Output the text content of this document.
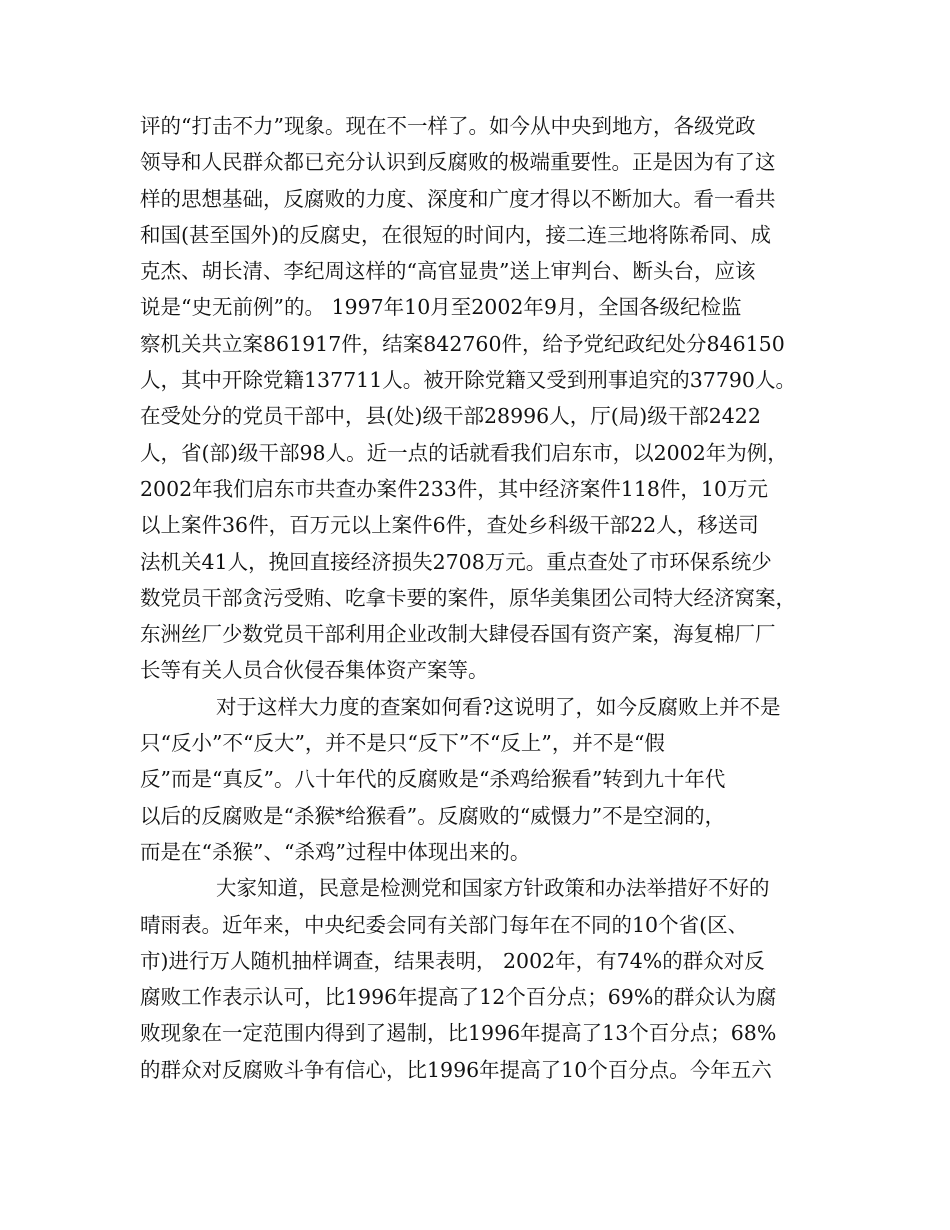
评的“打击不力”现象。现在不一样了。如今从中央到地方，各级党政
领导和人民群众都已充分认识到反腐败的极端重要性。正是因为有了这
样的思想基础，反腐败的力度、深度和广度才得以不断加大。看一看共
和国(甚至国外)的反腐史，在很短的时间内，接二连三地将陈希同、成
克杰、胡长清、李纪周这样的“高官显贵”送上审判台、断头台，应该
说是“史无前例”的。 1997年10月至2002年9月，全国各级纪检监
察机关共立案861917件，结案842760件，给予党纪政纪处分846150
人，其中开除党籍137711人。被开除党籍又受到刑事追究的37790人。
在受处分的党员干部中，县(处)级干部28996人，厅(局)级干部2422
人，省(部)级干部98人。近一点的话就看我们启东市，以2002年为例，
2002年我们启东市共查办案件233件，其中经济案件118件，10万元
以上案件36件，百万元以上案件6件，查处乡科级干部22人，移送司
法机关41人，挽回直接经济损失2708万元。重点查处了市环保系统少
数党员干部贪污受贿、吃拿卡要的案件，原华美集团公司特大经济窝案，
东洲丝厂少数党员干部利用企业改制大肆侵吞国有资产案，海复棉厂厂
长等有关人员合伙侵吞集体资产案等。
对于这样大力度的查案如何看?这说明了，如今反腐败上并不是
只“反小”不“反大”，并不是只“反下”不“反上”，并不是“假
反”而是“真反”。八十年代的反腐败是“杀鸡给猴看”转到九十年代
以后的反腐败是“杀猴*给猴看”。反腐败的“威慑力”不是空洞的，
而是在“杀猴”、“杀鸡”过程中体现出来的。
大家知道，民意是检测党和国家方针政策和办法举措好不好的
晴雨表。近年来，中央纪委会同有关部门每年在不同的10个省(区、
市)进行万人随机抽样调查，结果表明， 2002年，有74%的群众对反
腐败工作表示认可，比1996年提高了12个百分点；69%的群众认为腐
败现象在一定范围内得到了遏制，比1996年提高了13个百分点；68%
的群众对反腐败斗争有信心，比1996年提高了10个百分点。今年五六
